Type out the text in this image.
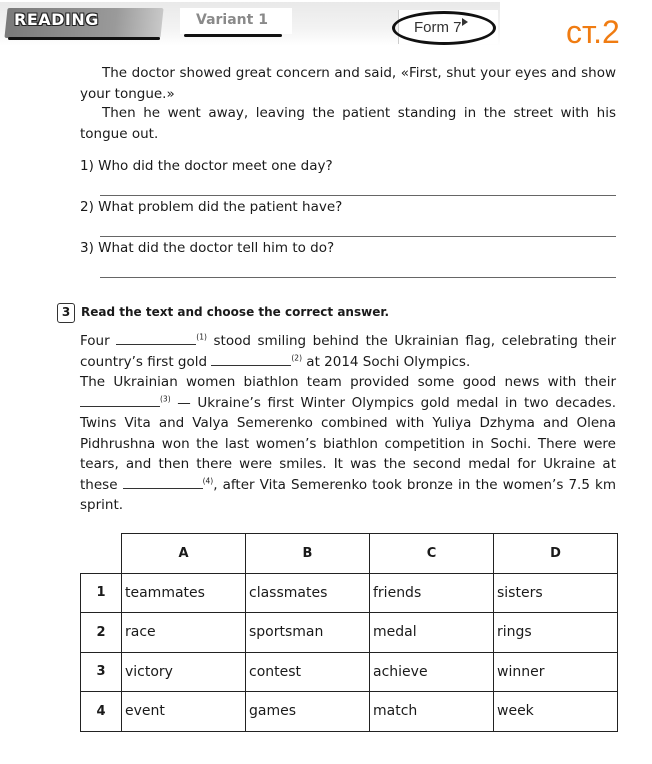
READING	Variant 1	Form 7	ст.2
The doctor showed great concern and said, «First, shut your eyes and show your tongue.»
Then he went away, leaving the patient standing in the street with his tongue out.
1) Who did the doctor meet one day?
2) What problem did the patient have?
3) What did the doctor tell him to do?
3 Read the text and choose the correct answer.
Four	$^{(1)}$ stood smiling behind the Ukrainian flag, celebrating their country’s first gold	$^{(2)}$ at 2014 Sochi Olympics.
The Ukrainian women biathlon team provided some good news with their $^{(3)}$ — Ukraine’s first Winter Olympics gold medal in two decades. Twins Vita and Valya Semerenko combined with Yuliya Dzhyma and Olena Pidhrushna won the last women’s biathlon competition in Sochi. There were tears, and then there were smiles. It was the second medal for Ukraine at these	$^{(4)}$, after Vita Semerenko took bronze in the women’s 7.5 km sprint.
	A	B	C	D
1	teammates	classmates	friends	sisters
2	race	sportsman	medal	rings
3	victory	contest	achieve	winner
4	event	games	match	week
